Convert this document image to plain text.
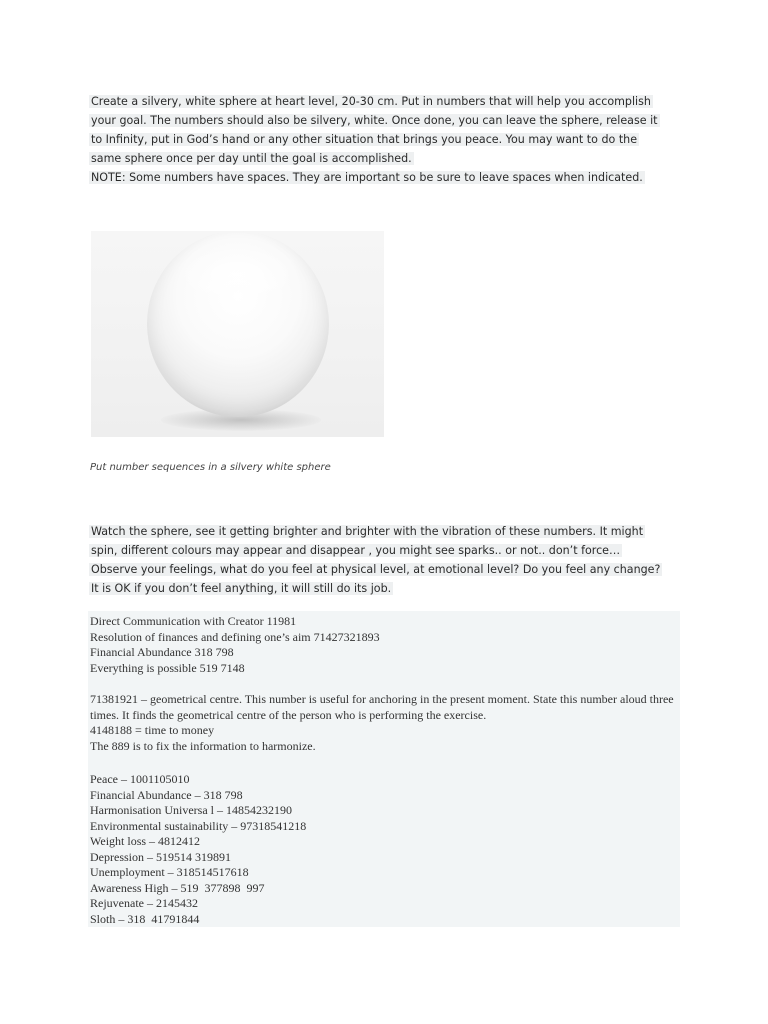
Create a silvery, white sphere at heart level, 20-30 cm. Put in numbers that will help you accomplish your goal. The numbers should also be silvery, white. Once done, you can leave the sphere, release it to Infinity, put in God’s hand or any other situation that brings you peace. You may want to do the same sphere once per day until the goal is accomplished.
NOTE: Some numbers have spaces. They are important so be sure to leave spaces when indicated.
Put number sequences in a silvery white sphere
Watch the sphere, see it getting brighter and brighter with the vibration of these numbers. It might spin, different colours may appear and disappear , you might see sparks.. or not.. don’t force… Observe your feelings, what do you feel at physical level, at emotional level? Do you feel any change? It is OK if you don’t feel anything, it will still do its job.
Direct Communication with Creator 11981
Resolution of finances and defining one’s aim 71427321893
Financial Abundance 318 798
Everything is possible 519 7148
71381921 – geometrical centre. This number is useful for anchoring in the present moment. State this number aloud three times. It finds the geometrical centre of the person who is performing the exercise.
4148188 = time to money
The 889 is to fix the information to harmonize.
Peace – 1001105010
Financial Abundance – 318 798
Harmonisation Universa l – 14854232190
Environmental sustainability – 97318541218
Weight loss – 4812412
Depression – 519514 319891
Unemployment – 318514517618
Awareness High – 519  377898  997
Rejuvenate – 2145432
Sloth – 318  41791844
